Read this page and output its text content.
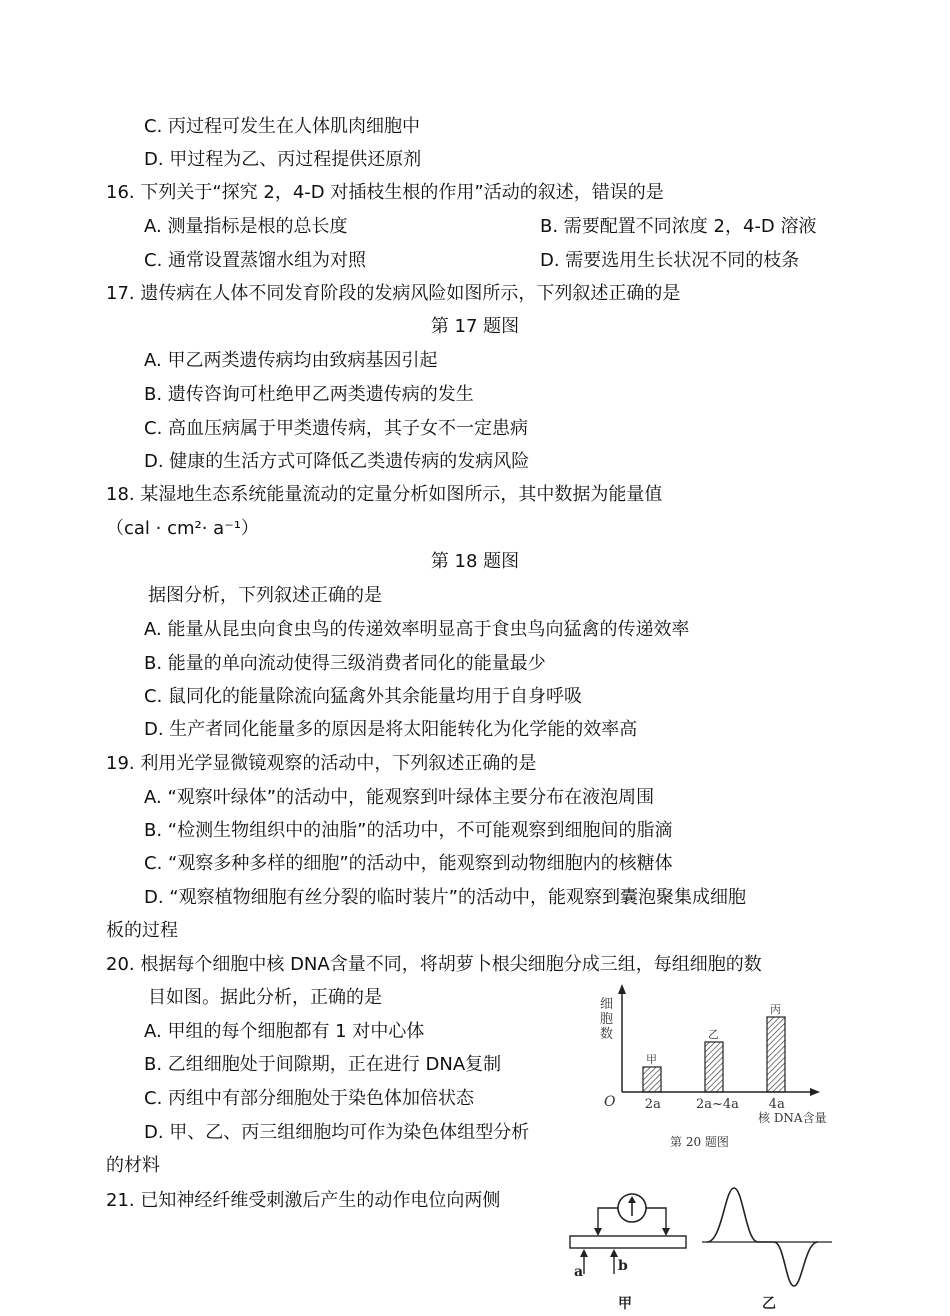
C. 丙过程可发生在人体肌肉细胞中
D. 甲过程为乙、丙过程提供还原剂
16. 下列关于“探究 2，4-D 对插枝生根的作用”活动的叙述，错误的是
A. 测量指标是根的总长度	B. 需要配置不同浓度 2，4-D 溶液
C. 通常设置蒸馏水组为对照	D. 需要选用生长状况不同的枝条
17. 遗传病在人体不同发育阶段的发病风险如图所示，下列叙述正确的是
第 17 题图
A. 甲乙两类遗传病均由致病基因引起
B. 遗传咨询可杜绝甲乙两类遗传病的发生
C. 高血压病属于甲类遗传病，其子女不一定患病
D. 健康的生活方式可降低乙类遗传病的发病风险
18. 某湿地生态系统能量流动的定量分析如图所示，其中数据为能量值
（cal · cm²· a⁻¹）
第 18 题图
据图分析，下列叙述正确的是
A. 能量从昆虫向食虫鸟的传递效率明显高于食虫鸟向猛禽的传递效率
B. 能量的单向流动使得三级消费者同化的能量最少
C. 鼠同化的能量除流向猛禽外其余能量均用于自身呼吸
D. 生产者同化能量多的原因是将太阳能转化为化学能的效率高
19. 利用光学显微镜观察的活动中，下列叙述正确的是
A. “观察叶绿体”的活动中，能观察到叶绿体主要分布在液泡周围
B. “检测生物组织中的油脂”的活功中，不可能观察到细胞间的脂滴
C. “观察多种多样的细胞”的活动中，能观察到动物细胞内的核糖体
D. “观察植物细胞有丝分裂的临时装片”的活动中，能观察到囊泡聚集成细胞
板的过程
20. 根据每个细胞中核 DNA含量不同，将胡萝卜根尖细胞分成三组，每组细胞的数
目如图。据此分析，正确的是
A. 甲组的每个细胞都有 1 对中心体
B. 乙组细胞处于间隙期，正在进行 DNA复制
C. 丙组中有部分细胞处于染色体加倍状态
D. 甲、乙、丙三组细胞均可作为染色体组型分析
的材料
21. 已知神经纤维受刺激后产生的动作电位向两侧
细胞数
O
核 DNA含量
第 20 题图
甲
2a
乙
2a~4a
丙
4a
a b
甲	乙
